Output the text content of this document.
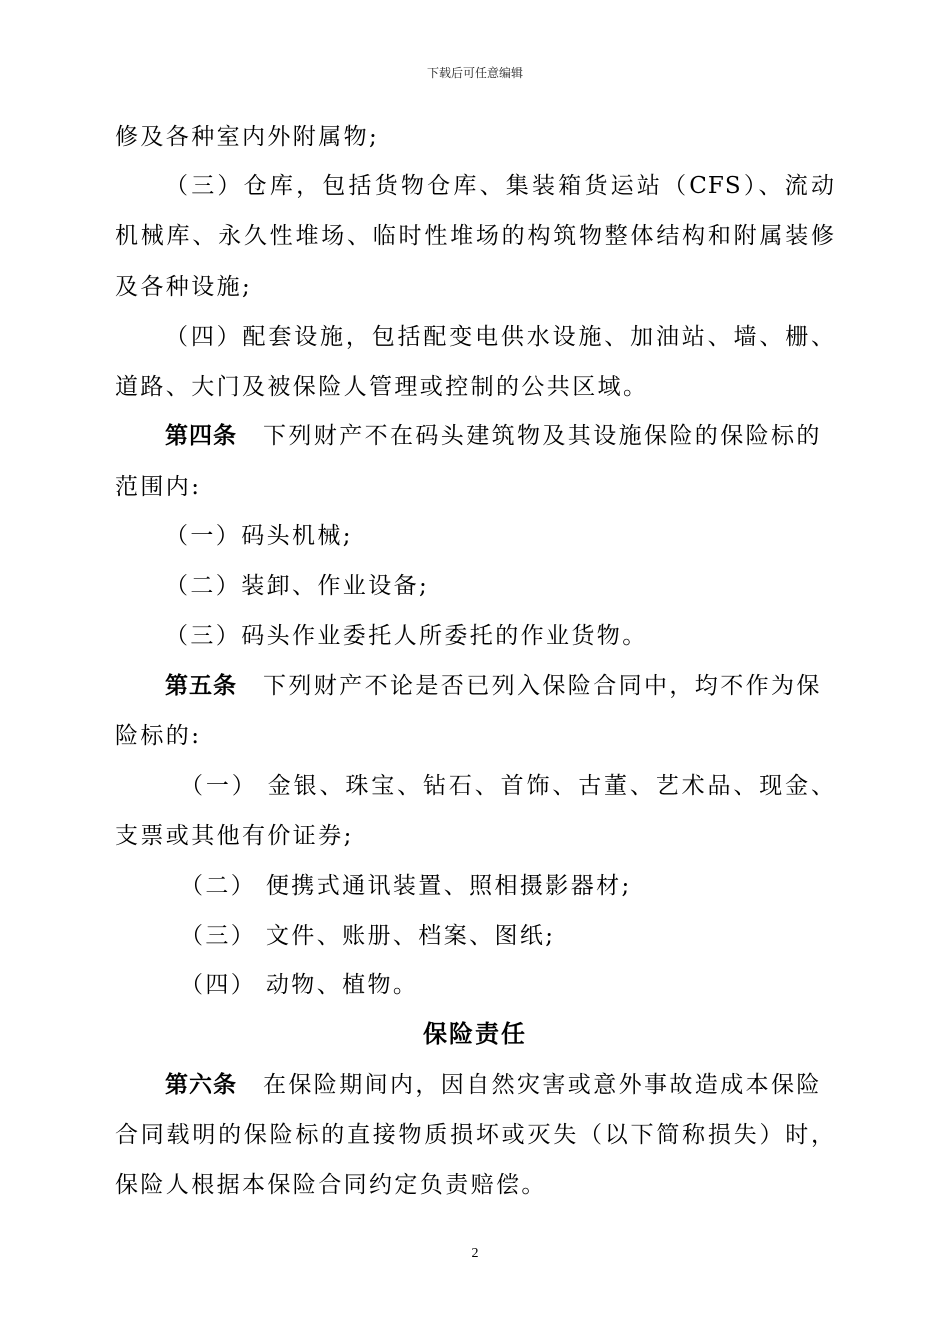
下载后可任意编辑
修及各种室内外附属物;
（三）仓库，包括货物仓库、集装箱货运站（CFS）、流动
机械库、永久性堆场、临时性堆场的构筑物整体结构和附属装修
及各种设施;
（四）配套设施，包括配变电供水设施、加油站、墙、栅、
道路、大门及被保险人管理或控制的公共区域。
第四条 下列财产不在码头建筑物及其设施保险的保险标的
范围内:
（一）码头机械;
（二）装卸、作业设备;
（三）码头作业委托人所委托的作业货物。
第五条 下列财产不论是否已列入保险合同中，均不作为保
险标的:
（一） 金银、珠宝、钻石、首饰、古董、艺术品、现金、
支票或其他有价证券;
（二） 便携式通讯装置、照相摄影器材;
（三） 文件、账册、档案、图纸;
（四） 动物、植物。
保险责任
第六条 在保险期间内，因自然灾害或意外事故造成本保险
合同载明的保险标的直接物质损坏或灭失（以下简称损失）时，
保险人根据本保险合同约定负责赔偿。
2
